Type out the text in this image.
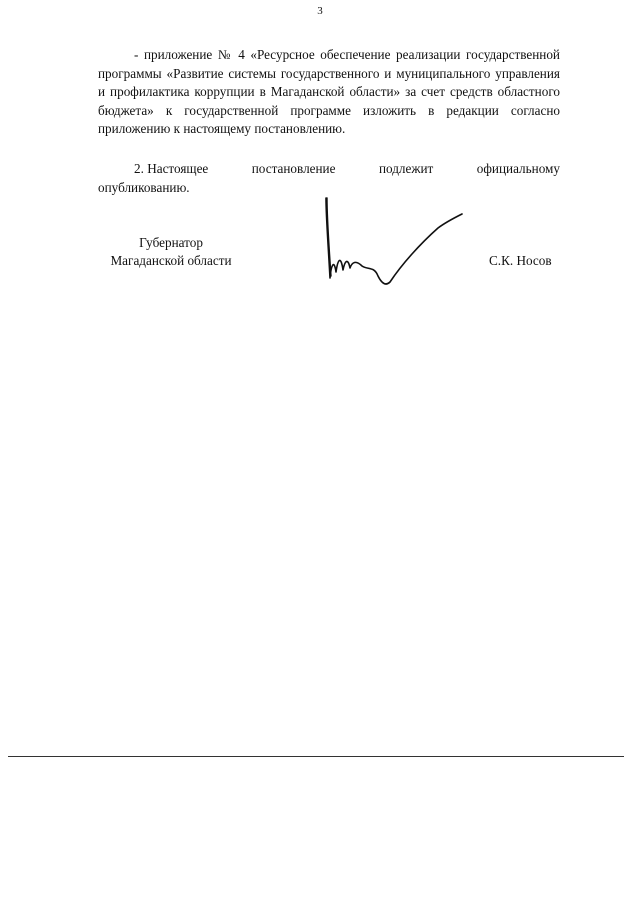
3

- приложение № 4 «Ресурсное обеспечение реализации государственной программы «Развитие системы государственного и муниципального управления и профилактика коррупции в Магаданской области» за счет средств областного бюджета» к государственной программе изложить в редакции согласно приложению к настоящему постановлению.

2. Настоящее	постановление	подлежит	официальному
опубликованию.
Губернатор
Магаданской области	С.К. Носов
